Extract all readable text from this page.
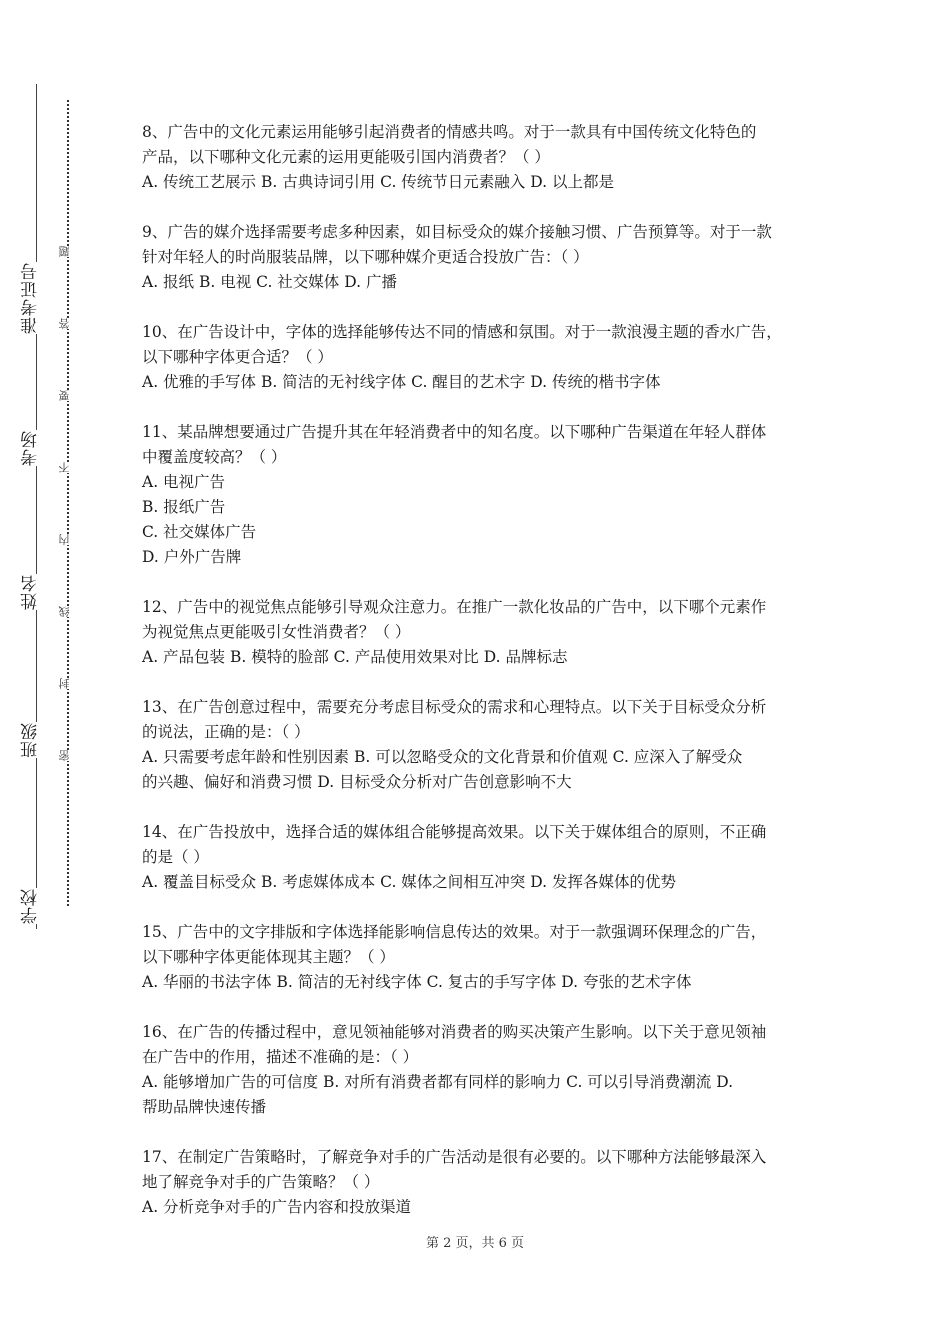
准考证号
考场
姓名
班级
学校
题
答
要
不
内
线
封
密

8、广告中的文化元素运用能够引起消费者的情感共鸣。对于一款具有中国传统文化特色的

产品，以下哪种文化元素的运用更能吸引国内消费者？（ ）

A. 传统工艺展示 B. 古典诗词引用 C. 传统节日元素融入 D. 以上都是

9、广告的媒介选择需要考虑多种因素，如目标受众的媒介接触习惯、广告预算等。对于一款

针对年轻人的时尚服装品牌，以下哪种媒介更适合投放广告：（ ）

A. 报纸 B. 电视 C. 社交媒体 D. 广播

10、在广告设计中，字体的选择能够传达不同的情感和氛围。对于一款浪漫主题的香水广告，

以下哪种字体更合适？（ ）

A. 优雅的手写体 B. 简洁的无衬线字体 C. 醒目的艺术字 D. 传统的楷书字体

11、某品牌想要通过广告提升其在年轻消费者中的知名度。以下哪种广告渠道在年轻人群体

中覆盖度较高？（ ）

A. 电视广告

B. 报纸广告

C. 社交媒体广告

D. 户外广告牌

12、广告中的视觉焦点能够引导观众注意力。在推广一款化妆品的广告中，以下哪个元素作

为视觉焦点更能吸引女性消费者？（ ）

A. 产品包装 B. 模特的脸部 C. 产品使用效果对比 D. 品牌标志

13、在广告创意过程中，需要充分考虑目标受众的需求和心理特点。以下关于目标受众分析

的说法，正确的是：（ ）

A. 只需要考虑年龄和性别因素 B. 可以忽略受众的文化背景和价值观 C. 应深入了解受众

的兴趣、偏好和消费习惯 D. 目标受众分析对广告创意影响不大

14、在广告投放中，选择合适的媒体组合能够提高效果。以下关于媒体组合的原则，不正确

的是（ ）

A. 覆盖目标受众 B. 考虑媒体成本 C. 媒体之间相互冲突 D. 发挥各媒体的优势

15、广告中的文字排版和字体选择能影响信息传达的效果。对于一款强调环保理念的广告，

以下哪种字体更能体现其主题？（ ）

A. 华丽的书法字体 B. 简洁的无衬线字体 C. 复古的手写字体 D. 夸张的艺术字体

16、在广告的传播过程中，意见领袖能够对消费者的购买决策产生影响。以下关于意见领袖

在广告中的作用，描述不准确的是：（ ）

A. 能够增加广告的可信度 B. 对所有消费者都有同样的影响力 C. 可以引导消费潮流 D.

帮助品牌快速传播

17、在制定广告策略时，了解竞争对手的广告活动是很有必要的。以下哪种方法能够最深入

地了解竞争对手的广告策略？（ ）

A. 分析竞争对手的广告内容和投放渠道

第 2 页，共 6 页
